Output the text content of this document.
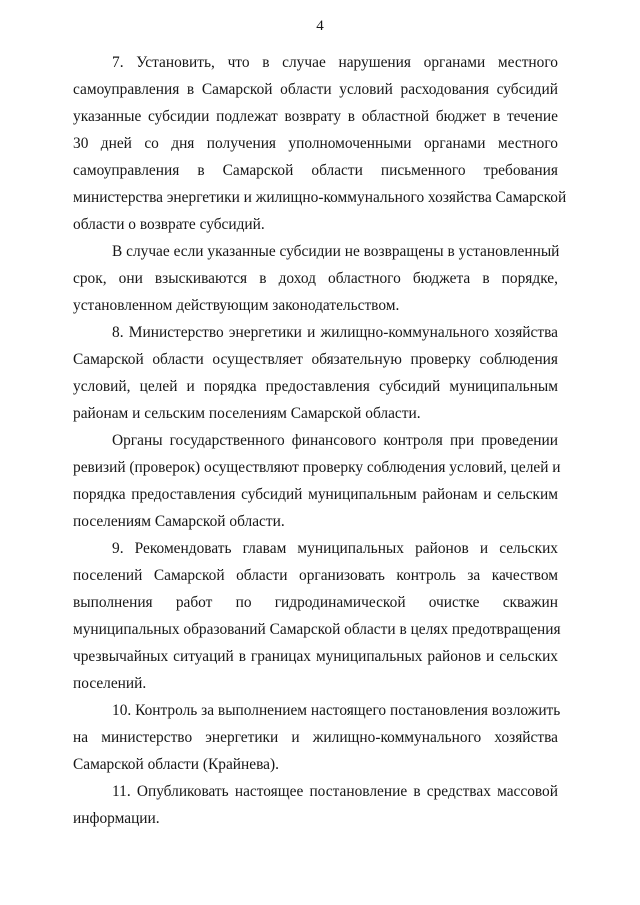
4
7. Установить, что в случае нарушения органами местного
самоуправления в Самарской области условий расходования субсидий
указанные субсидии подлежат возврату в областной бюджет в течение
30 дней со дня получения уполномоченными органами местного
самоуправления в Самарской области письменного требования
министерства энергетики и жилищно-коммунального хозяйства Самарской
области о возврате субсидий.
В случае если указанные субсидии не возвращены в установленный
срок, они взыскиваются в доход областного бюджета в порядке,
установленном действующим законодательством.
8. Министерство энергетики и жилищно-коммунального хозяйства
Самарской области осуществляет обязательную проверку соблюдения
условий, целей и порядка предоставления субсидий муниципальным
районам и сельским поселениям Самарской области.
Органы государственного финансового контроля при проведении
ревизий (проверок) осуществляют проверку соблюдения условий, целей и
порядка предоставления субсидий муниципальным районам и сельским
поселениям Самарской области.
9. Рекомендовать главам муниципальных районов и сельских
поселений Самарской области организовать контроль за качеством
выполнения работ по гидродинамической очистке скважин
муниципальных образований Самарской области в целях предотвращения
чрезвычайных ситуаций в границах муниципальных районов и сельских
поселений.
10. Контроль за выполнением настоящего постановления возложить
на министерство энергетики и жилищно-коммунального хозяйства
Самарской области (Крайнева).
11. Опубликовать настоящее постановление в средствах массовой
информации.
